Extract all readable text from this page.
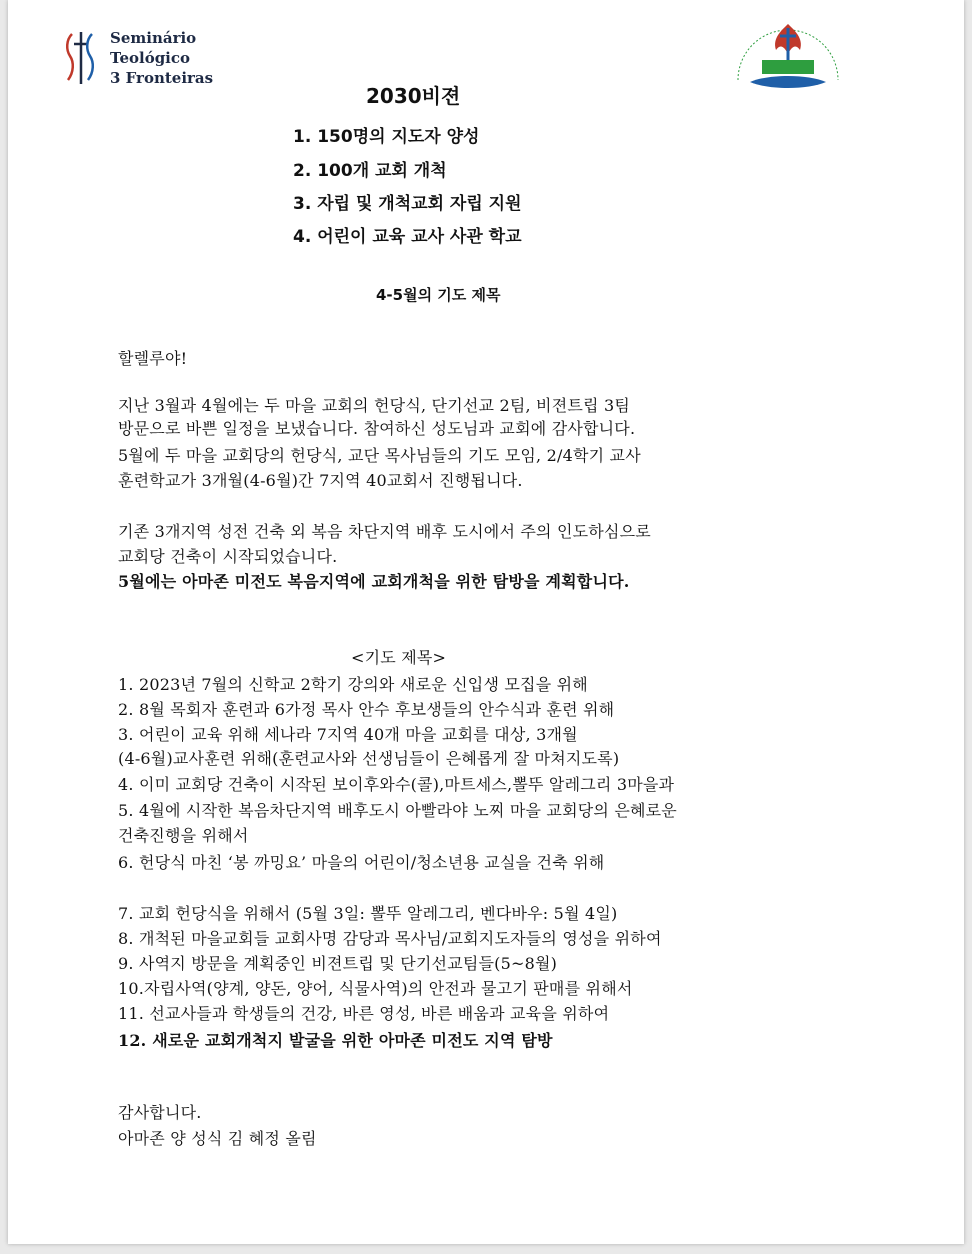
Seminário
Teológico
3 Fronteiras
2030비젼
1. 150명의 지도자 양성
2. 100개 교회 개척
3. 자립 및 개척교회 자립 지원
4. 어린이 교육 교사 사관 학교
4-5월의 기도 제목
할렐루야!
지난 3월과 4월에는 두 마을 교회의 헌당식, 단기선교 2팀, 비젼트립 3팀
방문으로 바쁜 일정을 보냈습니다. 참여하신 성도님과 교회에 감사합니다.
5월에 두 마을 교회당의 헌당식, 교단 목사님들의 기도 모임, 2/4학기 교사
훈련학교가 3개월(4-6월)간 7지역 40교회서 진행됩니다.
기존 3개지역 성전 건축 외 복음 차단지역 배후 도시에서 주의 인도하심으로
교회당 건축이 시작되었습니다.
5월에는 아마존 미전도 복음지역에 교회개척을 위한 탐방을 계획합니다.
<기도 제목>
1. 2023년 7월의 신학교 2학기 강의와 새로운 신입생 모집을 위해
2. 8월 목회자 훈련과 6가정 목사 안수 후보생들의 안수식과 훈련 위해
3. 어린이 교육 위해 세나라 7지역 40개 마을 교회를 대상, 3개월
(4-6월)교사훈련 위해(훈련교사와 선생님들이 은혜롭게 잘 마쳐지도록)
4. 이미 교회당 건축이 시작된 보이후와수(콜),마트세스,뽈뚜 알레그리 3마을과
5. 4월에 시작한 복음차단지역 배후도시 아빨라야 노찌 마을 교회당의 은혜로운
건축진행을 위해서
6. 헌당식 마친 ‘봉 까밍요’ 마을의 어린이/청소년용 교실을 건축 위해
7. 교회 헌당식을 위해서 (5월 3일: 뽈뚜 알레그리, 벤다바우: 5월 4일)
8. 개척된 마을교회들 교회사명 감당과 목사님/교회지도자들의 영성을 위하여
9. 사역지 방문을 계획중인 비젼트립 및 단기선교팀들(5~8월)
10.자립사역(양계, 양돈, 양어, 식물사역)의 안전과 물고기 판매를 위해서
11. 선교사들과 학생들의 건강, 바른 영성, 바른 배움과 교육을 위하여
12. 새로운 교회개척지 발굴을 위한 아마존 미전도 지역 탐방
감사합니다.
아마존 양 성식 김 혜정 올림
